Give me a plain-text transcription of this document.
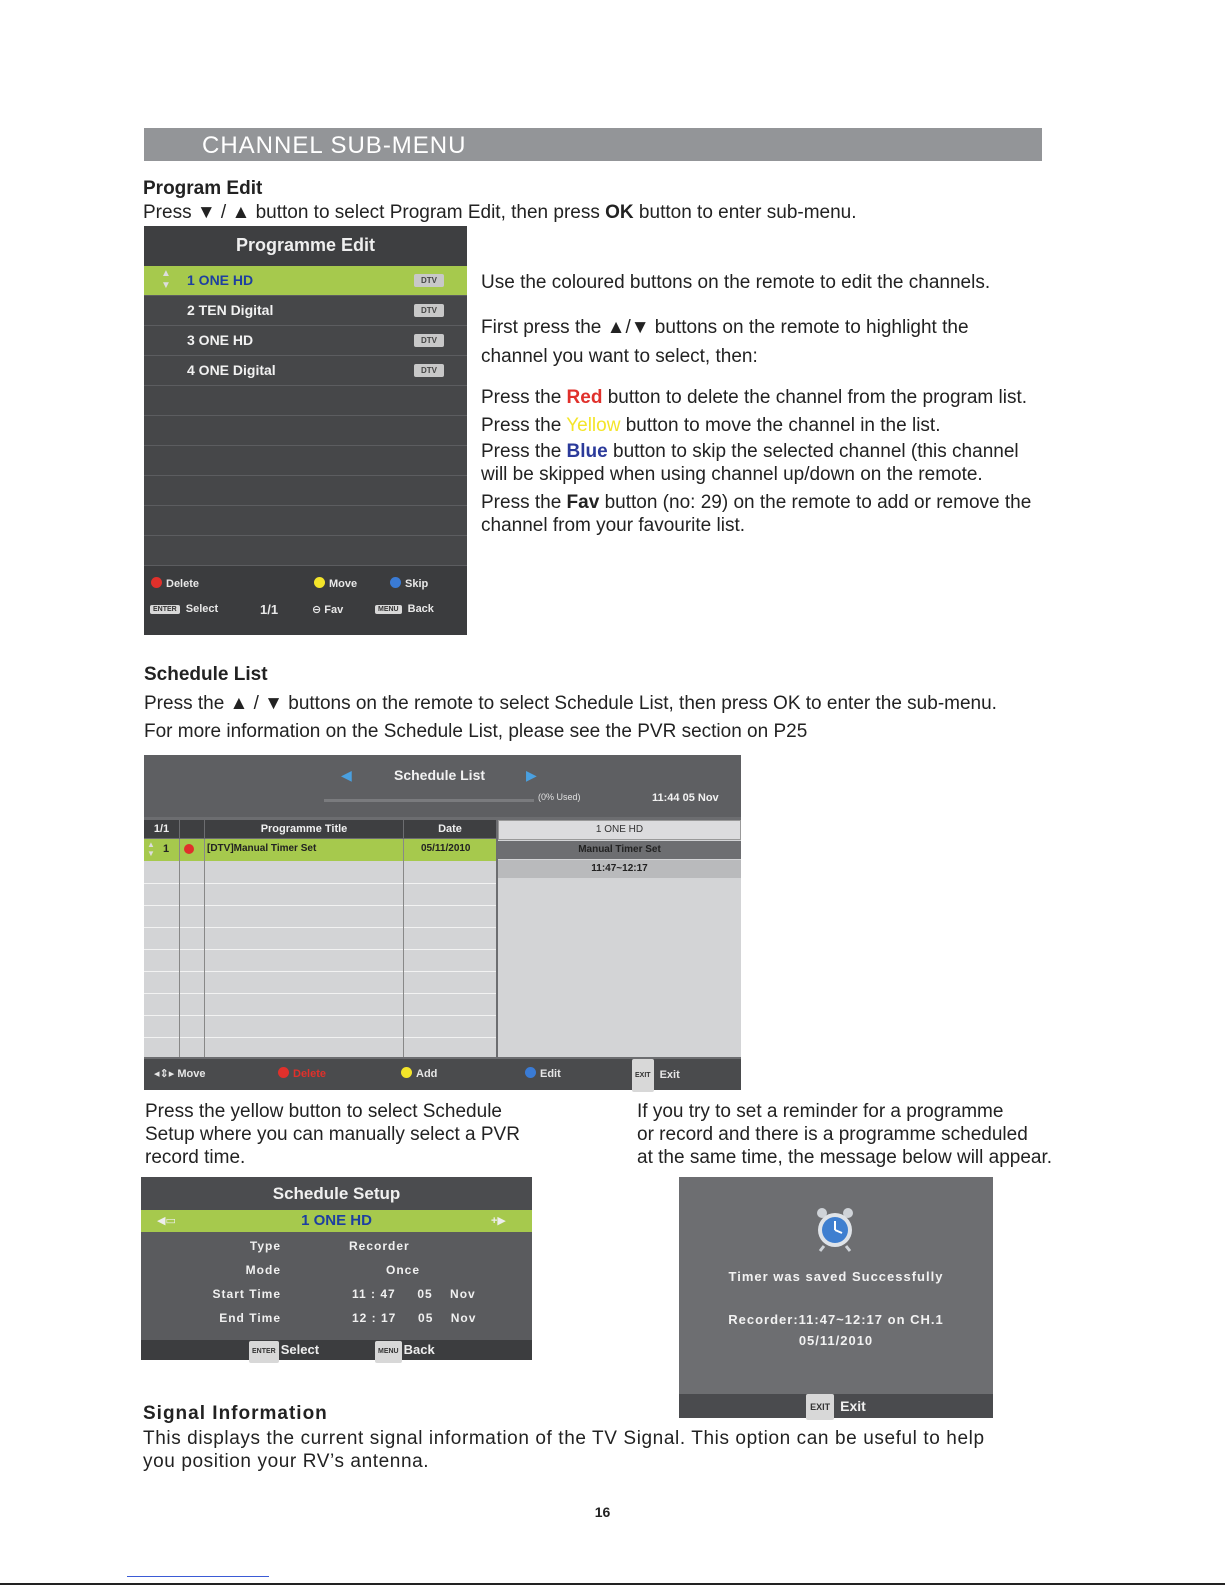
CHANNEL SUB-MENU
Program Edit
Press ▼ / ▲ button to select Program Edit, then press OK button to enter sub-menu.
Programme Edit
▲
▼ 1 ONE HD	DTV
2 TEN Digital	DTV
3 ONE HD	DTV
4 ONE Digital	DTV
Delete	Move	Skip
ENTER Select	1/1	⊖ Fav	MENU Back
Use the coloured buttons on the remote to edit the channels.
First press the ▲/▼ buttons on the remote to highlight the
channel you want to select, then:
Press the Red button to delete the channel from the program list.
Press the Yellow button to move the channel in the list.
Press the Blue button to skip the selected channel (this channel
will be skipped when using channel up/down on the remote.
Press the Fav button (no: 29) on the remote to add or remove the
channel from your favourite list.
Schedule List
Press the ▲ / ▼ buttons on the remote to select Schedule List, then press OK to enter the sub-menu.
For more information on the Schedule List, please see the PVR section on P25
◀	Schedule List	▶
(0% Used)	11:44 05 Nov
1/1	Programme Title	Date
▲
▼ 1	[DTV]Manual Timer Set	05/11/2010
1 ONE HD
Manual Timer Set
11:47~12:17
◂⇕▸ Move	Delete	Add	Edit	EXIT Exit
Press the yellow button to select Schedule
Setup where you can manually select a PVR
record time.
If you try to set a reminder for a programme
or record and there is a programme scheduled
at the same time, the message below will appear.
Schedule Setup
◀▭	1 ONE HD	+▶
Type	Recorder
Mode	Once
Start Time	11 : 47     05    Nov
End Time	12 : 17     05    Nov
ENTER Select	MENU Back
Timer was saved Successfully
Recorder:11:47~12:17 on CH.1
05/11/2010
EXIT Exit
Signal Information
This displays the current signal information of the TV Signal. This option can be useful to help
you position your RV’s antenna.
16
